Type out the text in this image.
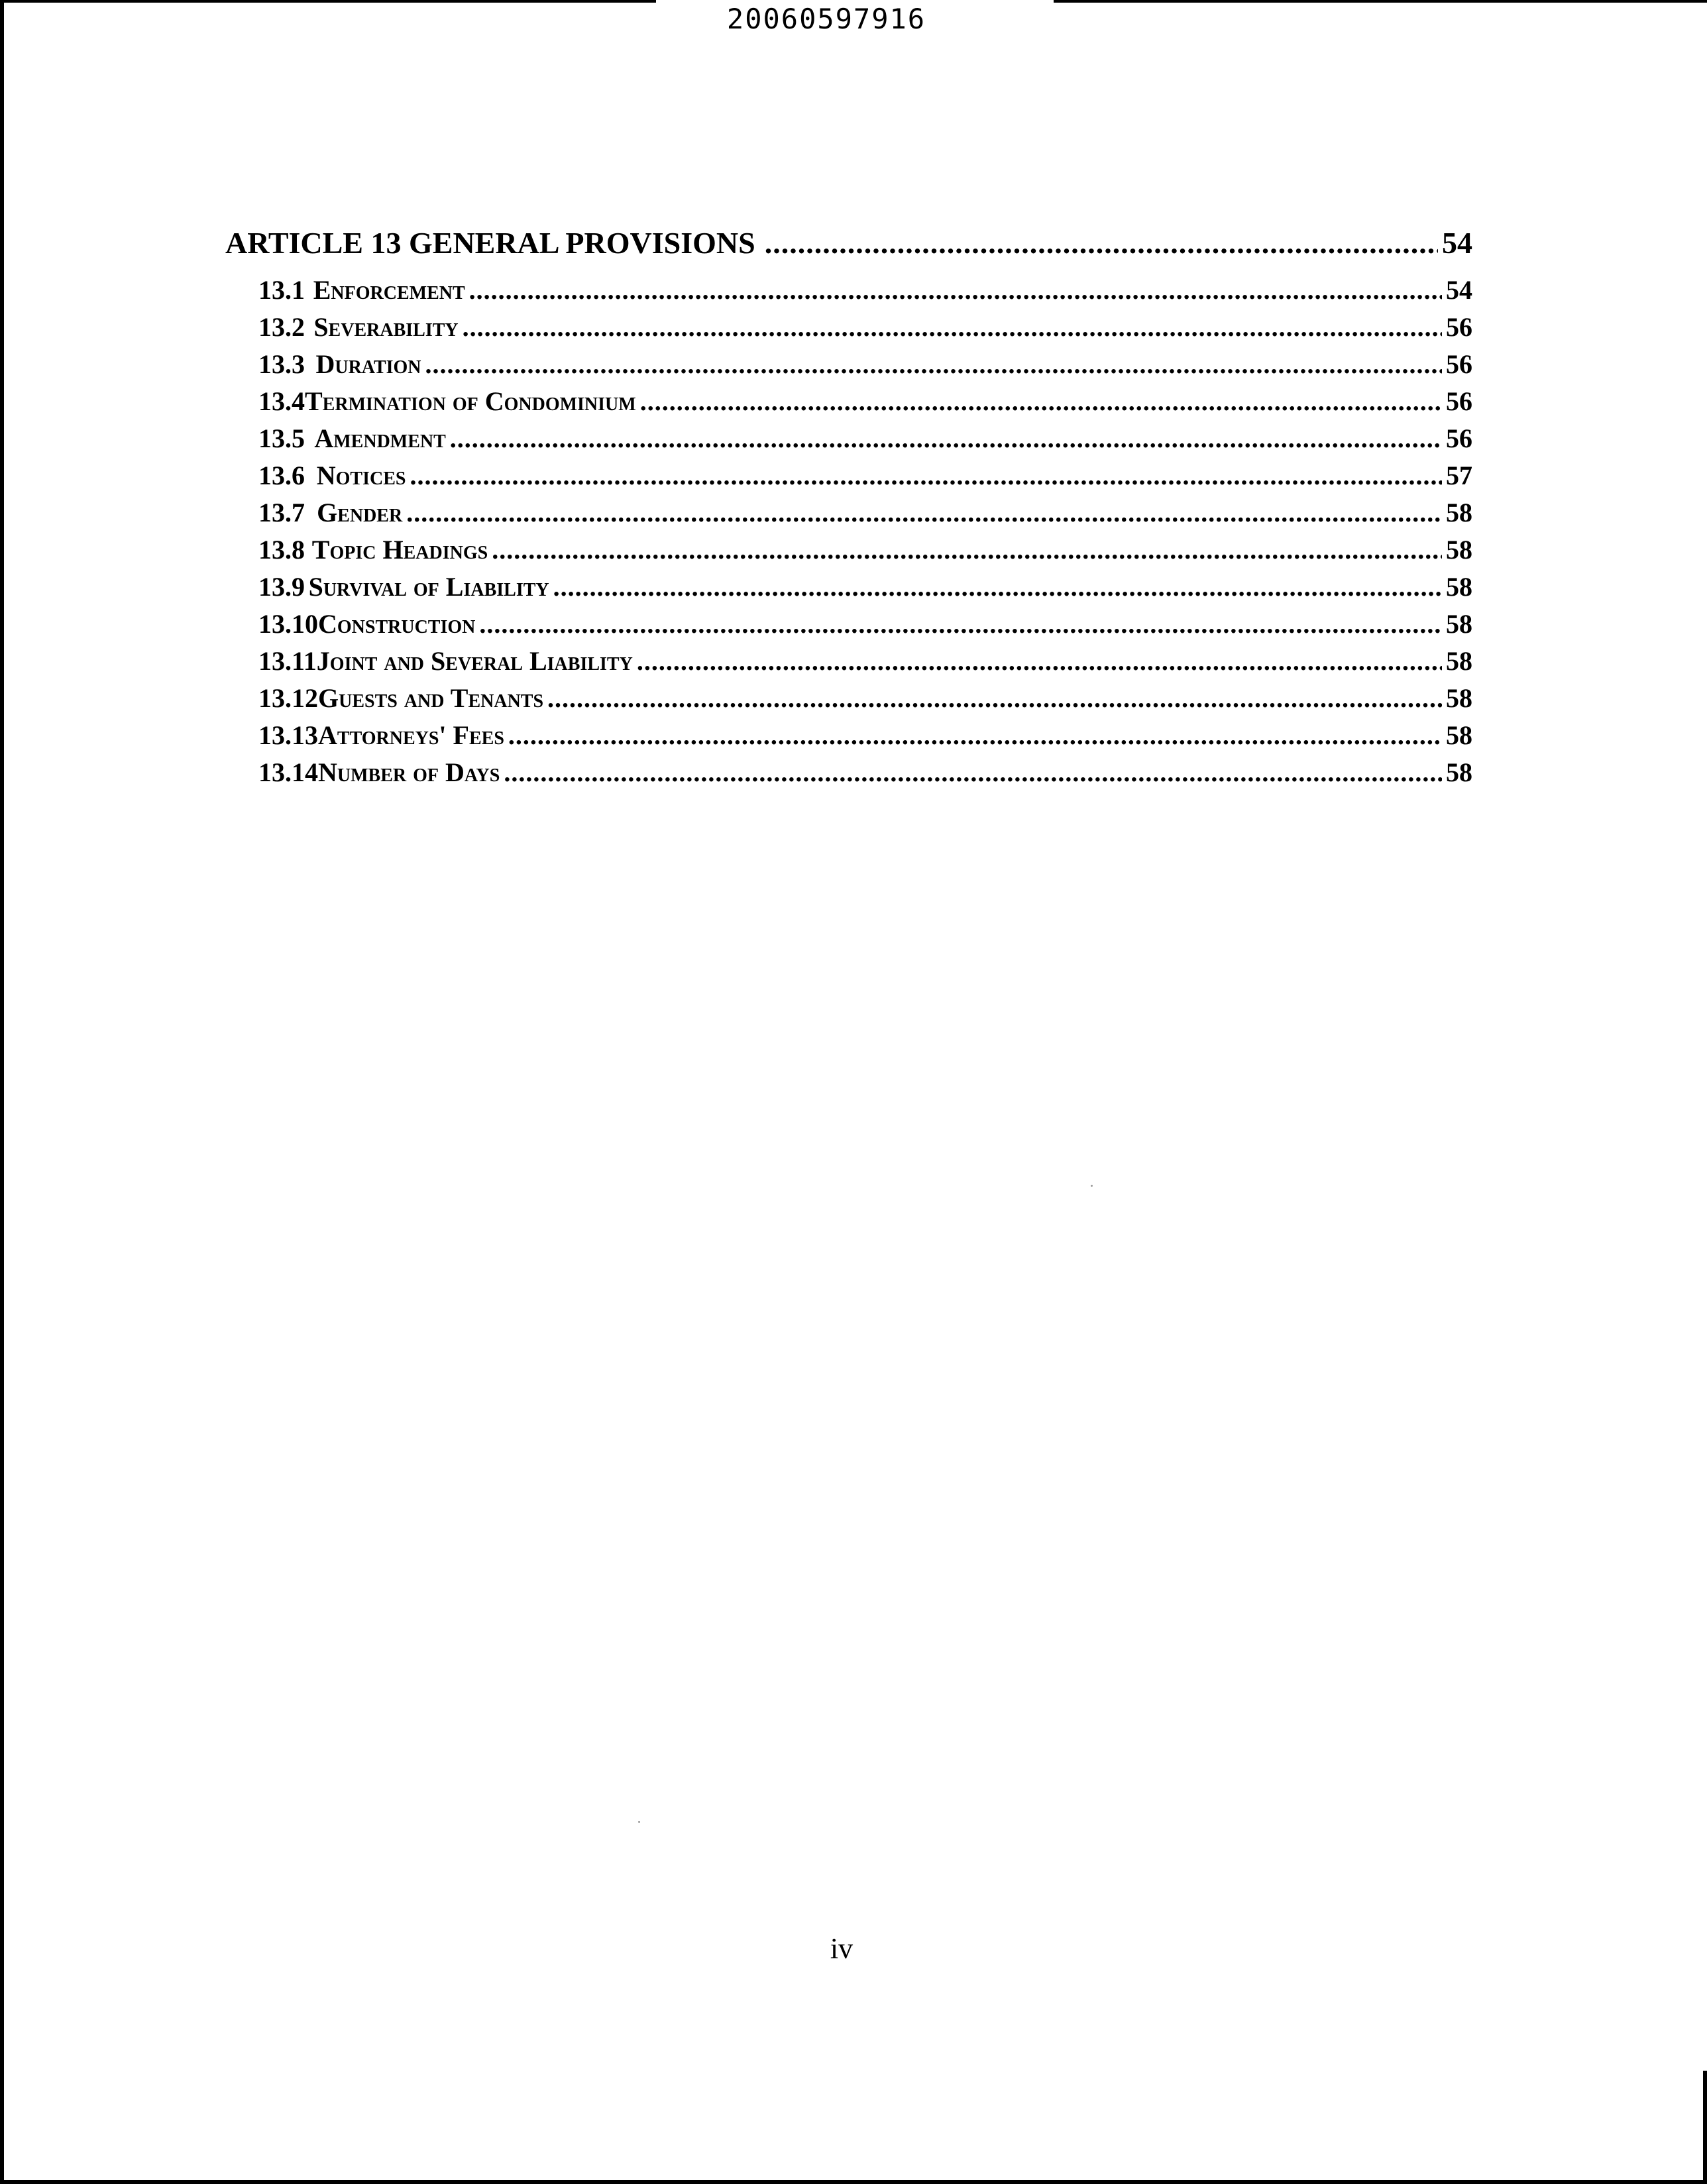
20060597916
ARTICLE 13 GENERAL PROVISIONS .....	54
13.1 Enforcement .....	54
13.2 Severability .....	56
13.3 Duration .....	56
13.4 Termination of Condominium .....	56
13.5 Amendment .....	56
13.6 Notices .....	57
13.7 Gender .....	58
13.8 Topic Headings .....	58
13.9 Survival of Liability .....	58
13.10 Construction .....	58
13.11 Joint and Several Liability .....	58
13.12 Guests and Tenants .....	58
13.13 Attorneys' Fees .....	58
13.14 Number of Days .....	58
iv
